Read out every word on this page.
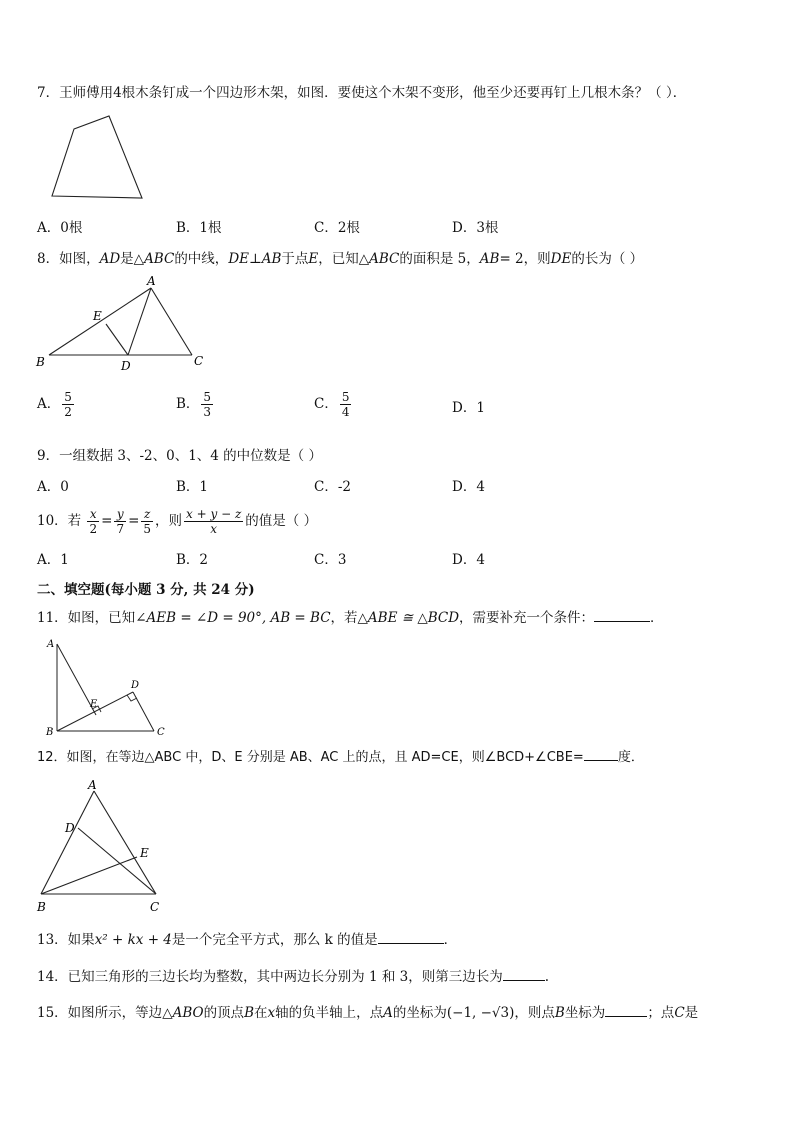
7．王师傅用4根木条钉成一个四边形木架，如图．要使这个木架不变形，他至少还要再钉上几根木条？（ ）．
A．0根	B．1根	C．2根	D．3根
8．如图，AD是△ABC的中线，DE⊥AB于点E，已知△ABC的面积是 5，AB= 2，则DE的长为（ ）
A
B	C
D
E
A． $\frac{5}{2}$	B． $\frac{5}{3}$	C． $\frac{5}{4}$	D．1
9．一组数据 3、-2、0、1、4 的中位数是（ ）
A．0	B．1	C．-2	D．4
10．若 $\frac{x}{2} = \frac{y}{7} = \frac{z}{5}$ ，则 $\frac{x + y - z}{x}$ 的值是（ ）
A．1	B．2	C．3	D．4
二、填空题(每小题 3 分, 共 24 分)
11．如图，已知∠AEB = ∠D = 90°, AB = BC，若△ABE ≅ △BCD，需要补充一个条件：	．
A
B	C
D
E
12．如图，在等边△ABC 中，D、E 分别是 AB、AC 上的点，且 AD=CE，则∠BCD+∠CBE=	度．
A
B	C
D
E
13．如果x² + kx + 4是一个完全平方式，那么 k 的值是	．
14．已知三角形的三边长均为整数，其中两边长分别为 1 和 3，则第三边长为	.
15．如图所示，等边△ABO的顶点B在x轴的负半轴上，点A的坐标为(−1, −√3)，则点B坐标为	；点C是
